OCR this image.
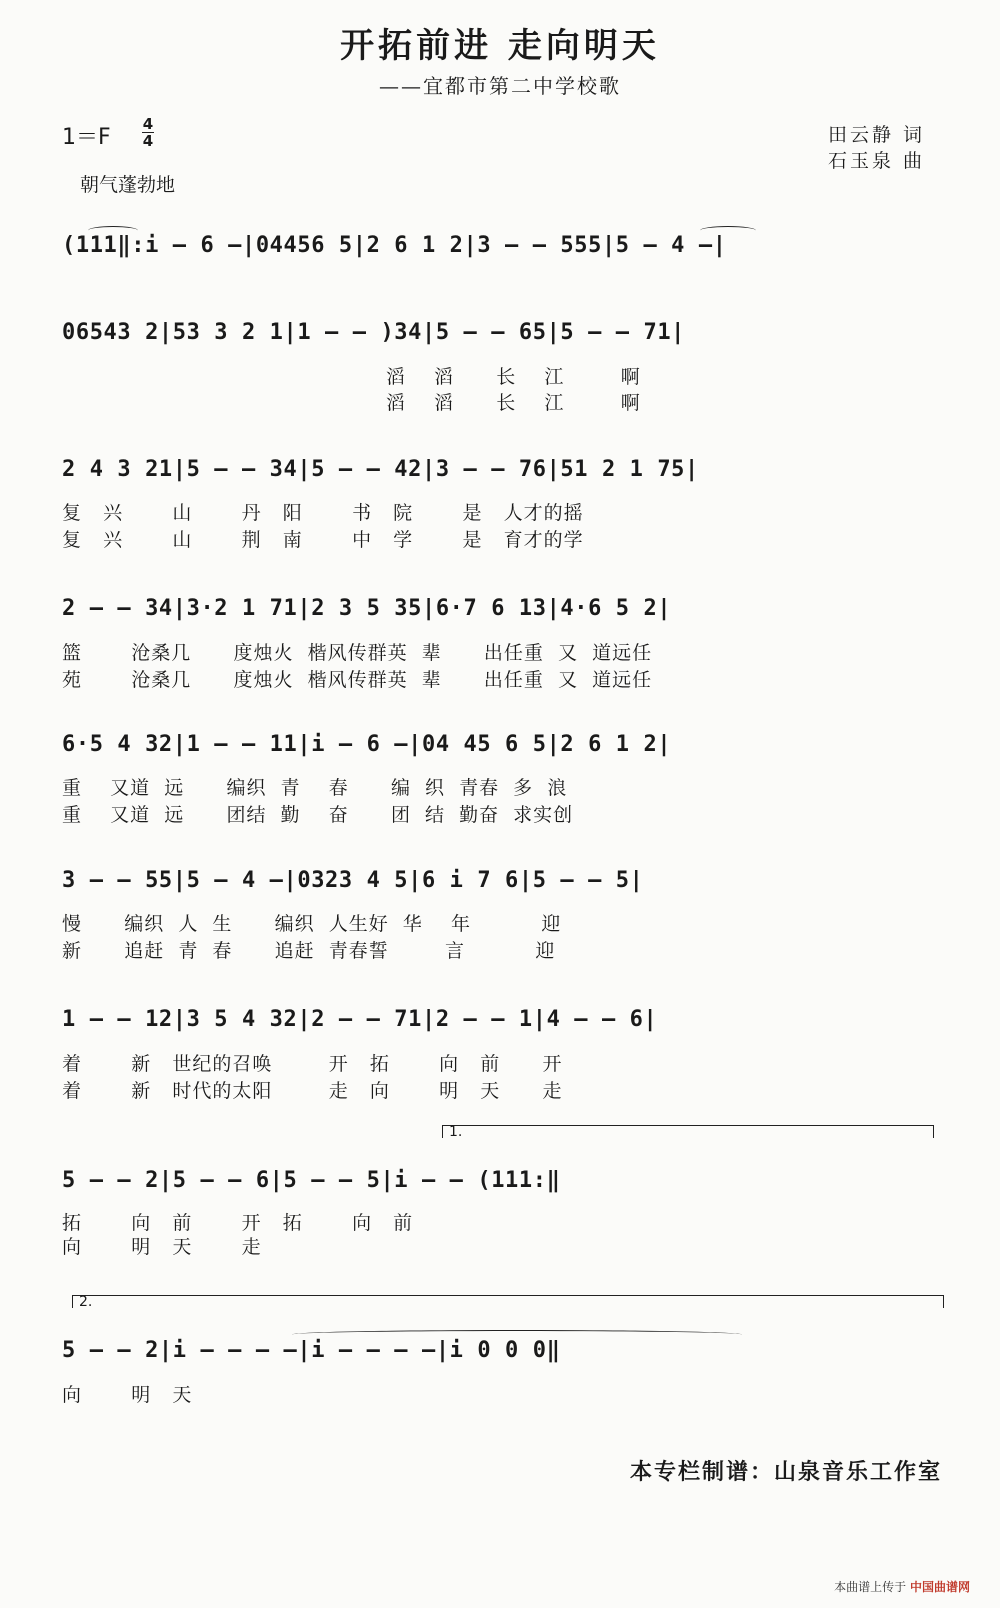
开拓前进 走向明天
——宜都市第二中学校歌
1＝F
4
4
朝气蓬勃地
田云静 词
石玉泉 曲
(111‖:i – 6 –|04456 5|2 6 1 2|3 – – 555|5 – 4 –|
06543 2|53 3 2 1|1 – – )34|5 – – 65|5 – – 71|
滔    滔      长    江        啊
滔    滔      长    江        啊
2 4 3 21|5 – – 34|5 – – 42|3 – – 76|51 2 1 75|
复   兴       山       丹   阳       书   院       是   人才的摇
复   兴       山       荆   南       中   学       是   育才的学
2 – – 34|3·2 1 71|2 3 5 35|6·7 6 13|4·6 5 2|
篮       沧桑几      度烛火  楷风传群英  辈      出任重  又  道远任
苑       沧桑几      度烛火  楷风传群英  辈      出任重  又  道远任
6·5 4 32|1 – – 11|i – 6 –|04 45 6 5|2 6 1 2|
重    又道  远      编织  青    春      编  织  青春  多  浪
重    又道  远      团结  勤    奋      团  结  勤奋  求实创
3 – – 55|5 – 4 –|0323 4 5|6 i 7 6|5 – – 5|
慢      编织  人  生      编织  人生好  华    年          迎
新      追赶  青  春      追赶  青春誓        言          迎
1 – – 12|3 5 4 32|2 – – 71|2 – – 1|4 – – 6|
着       新   世纪的召唤        开   拓       向   前      开
着       新   时代的太阳        走   向       明   天      走
1.
5 – – 2|5 – – 6|5 – – 5|i – – (111:‖
拓       向   前       开   拓       向   前
向       明   天       走
2.
5 – – 2|i – – – –|i – – – –|i 0 0 0‖
向       明   天
本专栏制谱：山泉音乐工作室
本曲谱上传于 中国曲谱网
